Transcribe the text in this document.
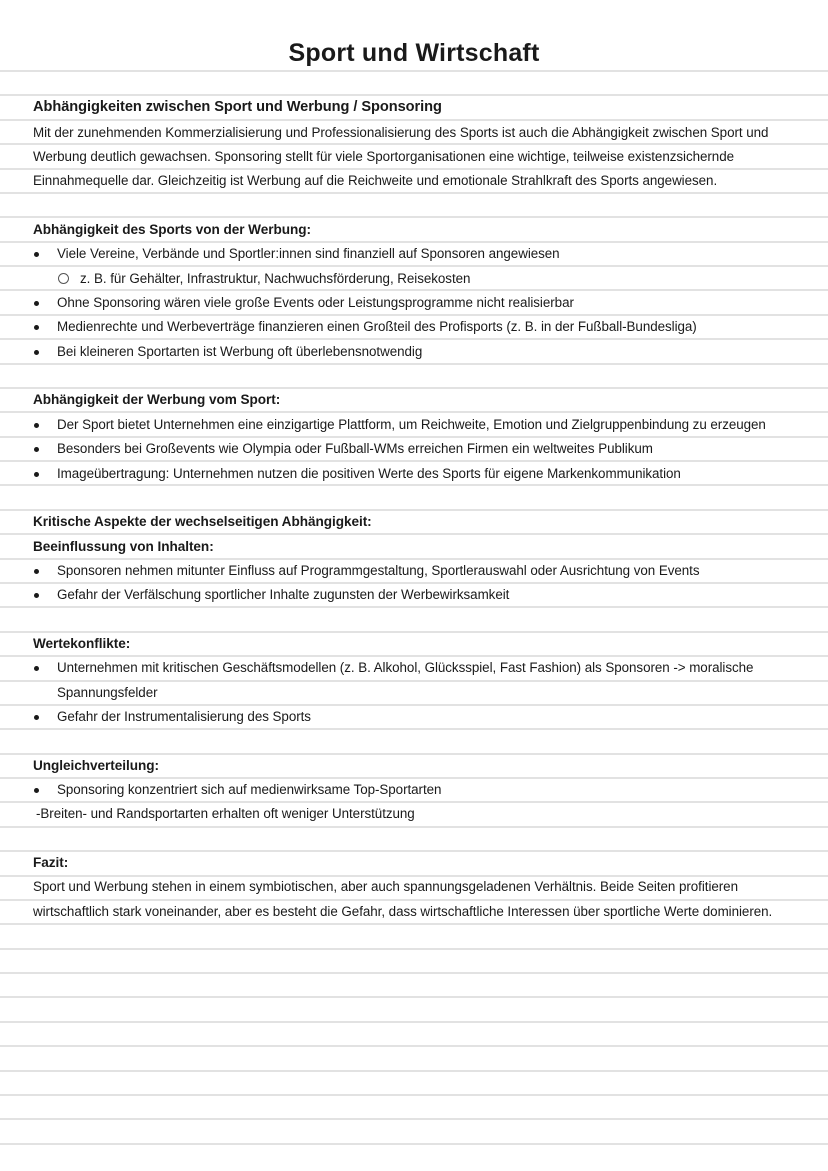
Sport und Wirtschaft
Abhängigkeiten zwischen Sport und Werbung / Sponsoring
Mit der zunehmenden Kommerzialisierung und Professionalisierung des Sports ist auch die Abhängigkeit zwischen Sport und
Werbung deutlich gewachsen. Sponsoring stellt für viele Sportorganisationen eine wichtige, teilweise existenzsichernde
Einnahmequelle dar. Gleichzeitig ist Werbung auf die Reichweite und emotionale Strahlkraft des Sports angewiesen.
Abhängigkeit des Sports von der Werbung:
Viele Vereine, Verbände und Sportler:innen sind finanziell auf Sponsoren angewiesen
z. B. für Gehälter, Infrastruktur, Nachwuchsförderung, Reisekosten
Ohne Sponsoring wären viele große Events oder Leistungsprogramme nicht realisierbar
Medienrechte und Werbeverträge finanzieren einen Großteil des Profisports (z. B. in der Fußball-Bundesliga)
Bei kleineren Sportarten ist Werbung oft überlebensnotwendig
Abhängigkeit der Werbung vom Sport:
Der Sport bietet Unternehmen eine einzigartige Plattform, um Reichweite, Emotion und Zielgruppenbindung zu erzeugen
Besonders bei Großevents wie Olympia oder Fußball-WMs erreichen Firmen ein weltweites Publikum
Imageübertragung: Unternehmen nutzen die positiven Werte des Sports für eigene Markenkommunikation
Kritische Aspekte der wechselseitigen Abhängigkeit:
Beeinflussung von Inhalten:
Sponsoren nehmen mitunter Einfluss auf Programmgestaltung, Sportlerauswahl oder Ausrichtung von Events
Gefahr der Verfälschung sportlicher Inhalte zugunsten der Werbewirksamkeit
Wertekonflikte:
Unternehmen mit kritischen Geschäftsmodellen (z. B. Alkohol, Glücksspiel, Fast Fashion) als Sponsoren -> moralische
Spannungsfelder
Gefahr der Instrumentalisierung des Sports
Ungleichverteilung:
Sponsoring konzentriert sich auf medienwirksame Top-Sportarten
-Breiten- und Randsportarten erhalten oft weniger Unterstützung
Fazit:
Sport und Werbung stehen in einem symbiotischen, aber auch spannungsgeladenen Verhältnis. Beide Seiten profitieren
wirtschaftlich stark voneinander, aber es besteht die Gefahr, dass wirtschaftliche Interessen über sportliche Werte dominieren.
